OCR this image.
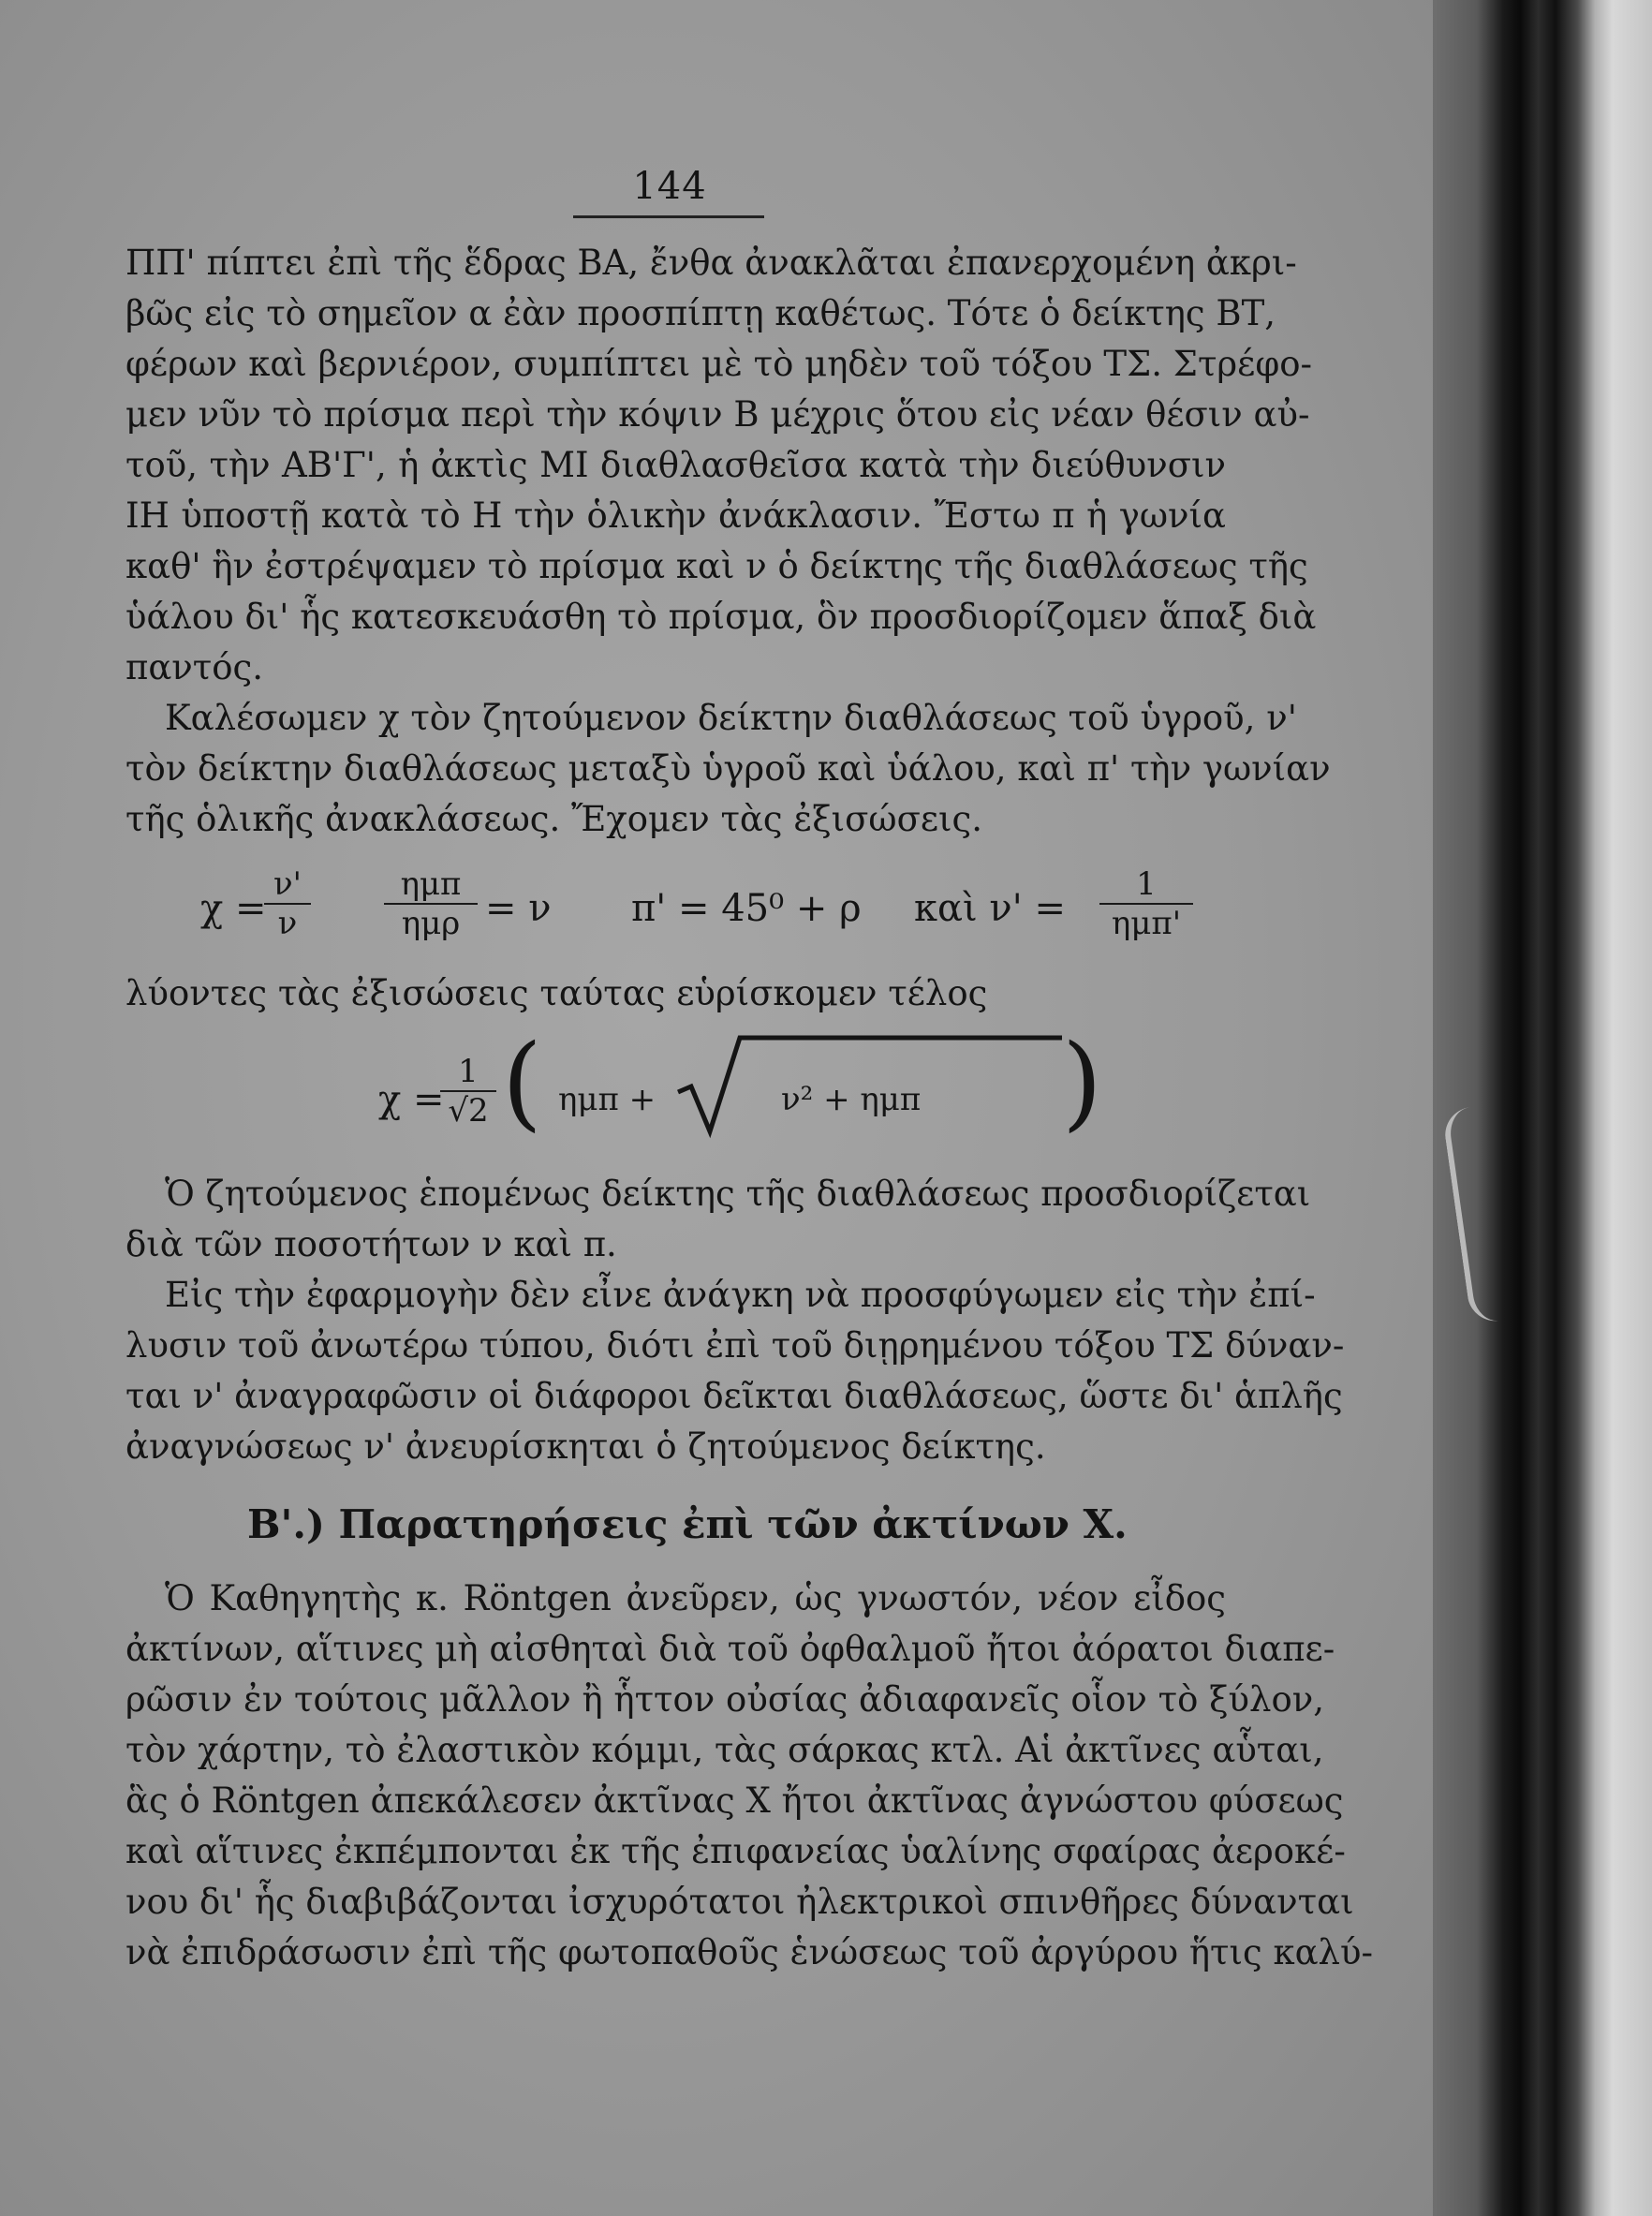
144
ΠΠ' πίπτει ἐπὶ τῆς ἕδρας ΒΑ, ἔνθα ἀνακλᾶται ἐπανερχομένη ἀκρι-
βῶς εἰς τὸ σημεῖον α ἐὰν προσπίπτῃ καθέτως. Τότε ὁ δείκτης ΒΤ,
φέρων καὶ βερνιέρον, συμπίπτει μὲ τὸ μηδὲν τοῦ τόξου ΤΣ. Στρέφο-
μεν νῦν τὸ πρίσμα περὶ τὴν κόψιν Β μέχρις ὅτου εἰς νέαν θέσιν αὐ-
τοῦ, τὴν ΑΒ'Γ', ἡ ἀκτὶς ΜΙ διαθλασθεῖσα κατὰ τὴν διεύθυνσιν
ΙΗ ὑποστῇ κατὰ τὸ Η τὴν ὁλικὴν ἀνάκλασιν. Ἔστω π ἡ γωνία
καθ' ἣν ἐστρέψαμεν τὸ πρίσμα καὶ ν ὁ δείκτης τῆς διαθλάσεως τῆς
ὑάλου δι' ἧς κατεσκευάσθη τὸ πρίσμα, ὃν προσδιορίζομεν ἅπαξ διὰ
παντός.
Καλέσωμεν χ τὸν ζητούμενον δείκτην διαθλάσεως τοῦ ὑγροῦ, ν'
τὸν δείκτην διαθλάσεως μεταξὺ ὑγροῦ καὶ ὑάλου, καὶ π' τὴν γωνίαν
τῆς ὁλικῆς ἀνακλάσεως. Ἔχομεν τὰς ἐξισώσεις.
χ =
$\frac{\nu'}{\nu}$	ημπ
ημρ = ν π' = 45⁰ + ρ καὶ ν' =
1
ημπ'
λύοντες τὰς ἐξισώσεις ταύτας εὑρίσκομεν τέλος
χ =
$\frac{1}{√2}$ ( ημπ +	ν² + ημπ )
Ὁ ζητούμενος ἑπομένως δείκτης τῆς διαθλάσεως προσδιορίζεται
διὰ τῶν ποσοτήτων ν καὶ π.
Εἰς τὴν ἐφαρμογὴν δὲν εἶνε ἀνάγκη νὰ προσφύγωμεν εἰς τὴν ἐπί-
λυσιν τοῦ ἀνωτέρω τύπου, διότι ἐπὶ τοῦ διῃρημένου τόξου ΤΣ δύναν-
ται ν' ἀναγραφῶσιν οἱ διάφοροι δεῖκται διαθλάσεως, ὥστε δι' ἁπλῆς
ἀναγνώσεως ν' ἀνευρίσκηται ὁ ζητούμενος δείκτης.
Β'.) Παρατηρήσεις ἐπὶ τῶν ἀκτίνων Χ.
Ὁ Καθηγητὴς κ. Röntgen ἀνεῦρεν, ὡς γνωστόν, νέον εἶδος
ἀκτίνων, αἵτινες μὴ αἰσθηταὶ διὰ τοῦ ὀφθαλμοῦ ἤτοι ἀόρατοι διαπε-
ρῶσιν ἐν τούτοις μᾶλλον ἢ ἧττον οὐσίας ἀδιαφανεῖς οἷον τὸ ξύλον,
τὸν χάρτην, τὸ ἐλαστικὸν κόμμι, τὰς σάρκας κτλ. Αἱ ἀκτῖνες αὗται,
ἃς ὁ Röntgen ἀπεκάλεσεν ἀκτῖνας Χ ἤτοι ἀκτῖνας ἀγνώστου φύσεως
καὶ αἵτινες ἐκπέμπονται ἐκ τῆς ἐπιφανείας ὑαλίνης σφαίρας ἀεροκέ-
νου δι' ἧς διαβιβάζονται ἰσχυρότατοι ἠλεκτρικοὶ σπινθῆρες δύνανται
νὰ ἐπιδράσωσιν ἐπὶ τῆς φωτοπαθοῦς ἑνώσεως τοῦ ἀργύρου ἥτις καλύ-
